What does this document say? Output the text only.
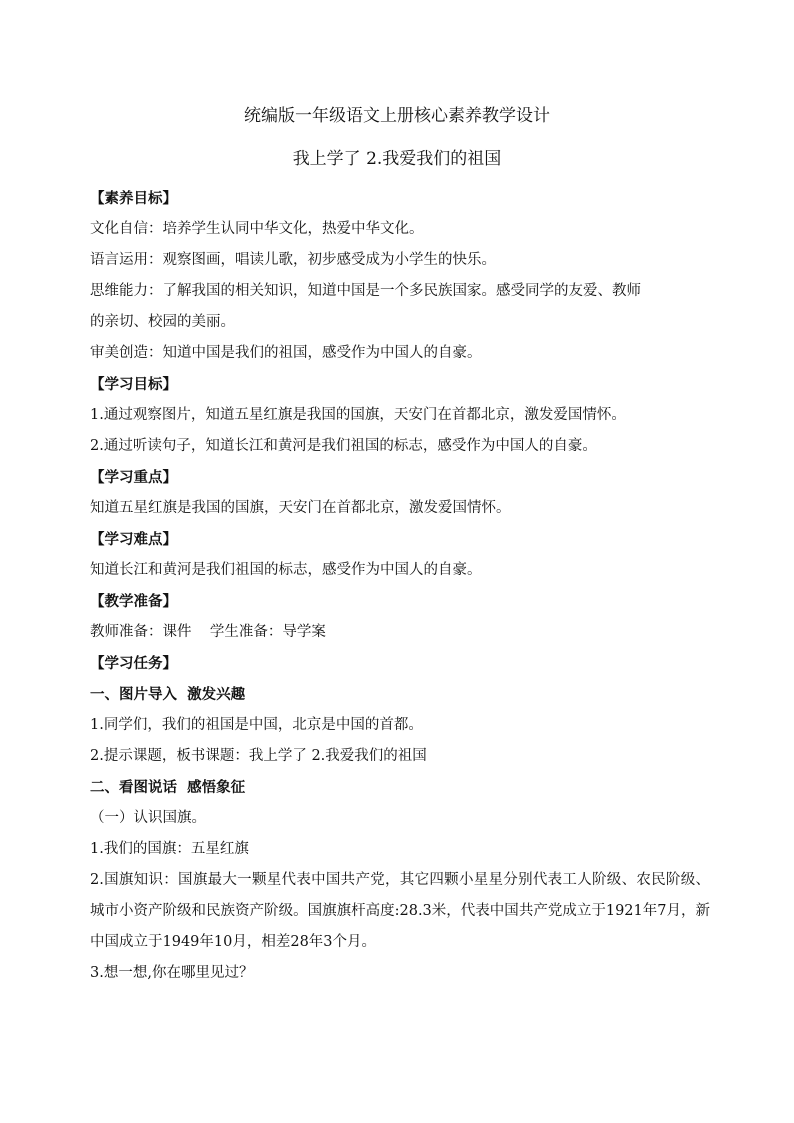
统编版一年级语文上册核心素养教学设计
我上学了 2.我爱我们的祖国
【素养目标】
文化自信：培养学生认同中华文化，热爱中华文化。
语言运用：观察图画，唱读儿歌，初步感受成为小学生的快乐。
思维能力：了解我国的相关知识，知道中国是一个多民族国家。感受同学的友爱、教师
的亲切、校园的美丽。
审美创造：知道中国是我们的祖国，感受作为中国人的自豪。
【学习目标】
1.通过观察图片，知道五星红旗是我国的国旗，天安门在首都北京，激发爱国情怀。
2.通过听读句子，知道长江和黄河是我们祖国的标志，感受作为中国人的自豪。
【学习重点】
知道五星红旗是我国的国旗，天安门在首都北京，激发爱国情怀。
【学习难点】
知道长江和黄河是我们祖国的标志，感受作为中国人的自豪。
【教学准备】
教师准备：课件    学生准备：导学案
【学习任务】
一、图片导入  激发兴趣
1.同学们，我们的祖国是中国，北京是中国的首都。
2.提示课题，板书课题：我上学了 2.我爱我们的祖国
二、看图说话  感悟象征
（一）认识国旗。
1.我们的国旗：五星红旗
2.国旗知识：国旗最大一颗星代表中国共产党，其它四颗小星星分别代表工人阶级、农民阶级、城市小资产阶级和民族资产阶级。国旗旗杆高度:28.3米，代表中国共产党成立于1921年7月，新中国成立于1949年10月，相差28年3个月。
3.想一想,你在哪里见过？
